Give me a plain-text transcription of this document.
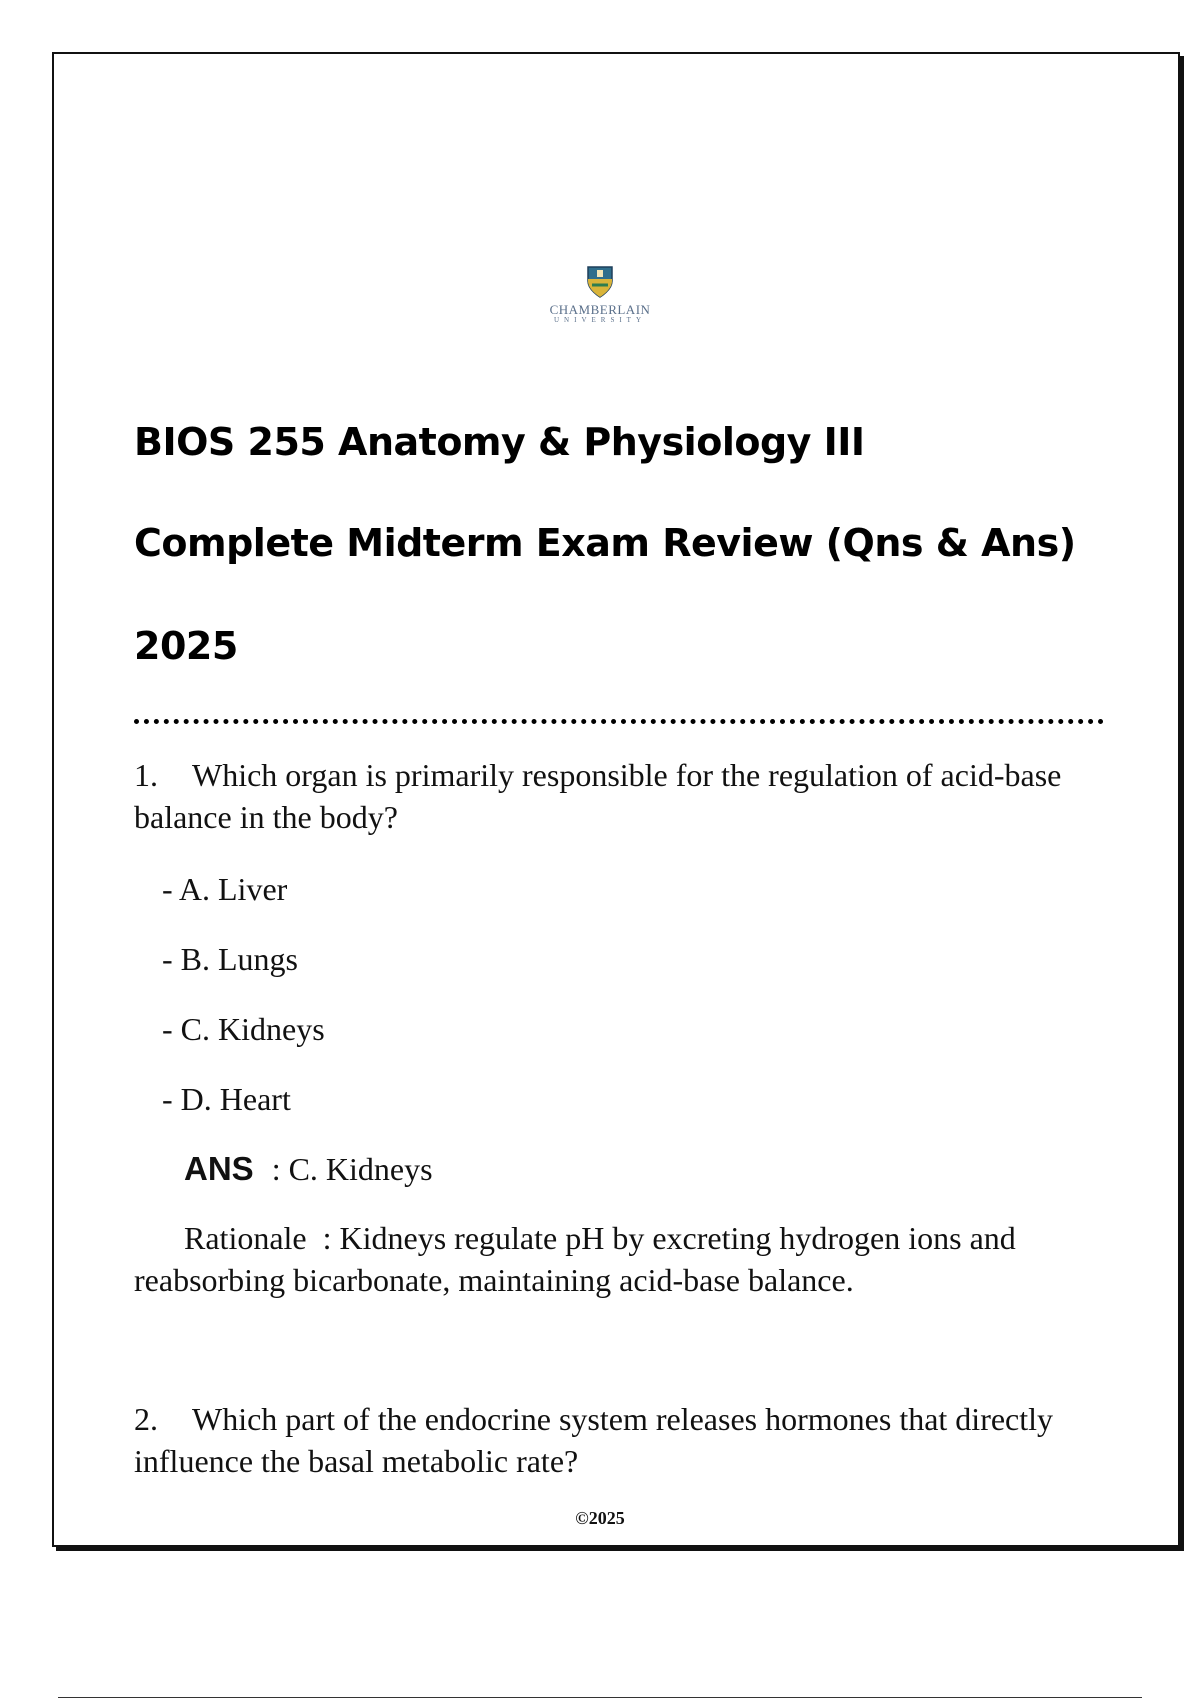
CHAMBERLAIN
UNIVERSITY
BIOS 255 Anatomy & Physiology III
Complete Midterm Exam Review (Qns & Ans)
2025
1. Which organ is primarily responsible for the regulation of acid-base balance in the body?
- A. Liver
- B. Lungs
- C. Kidneys
- D. Heart
ANS : C. Kidneys
Rationale : Kidneys regulate pH by excreting hydrogen ions and reabsorbing bicarbonate, maintaining acid-base balance.
2. Which part of the endocrine system releases hormones that directly influence the basal metabolic rate?
©2025
